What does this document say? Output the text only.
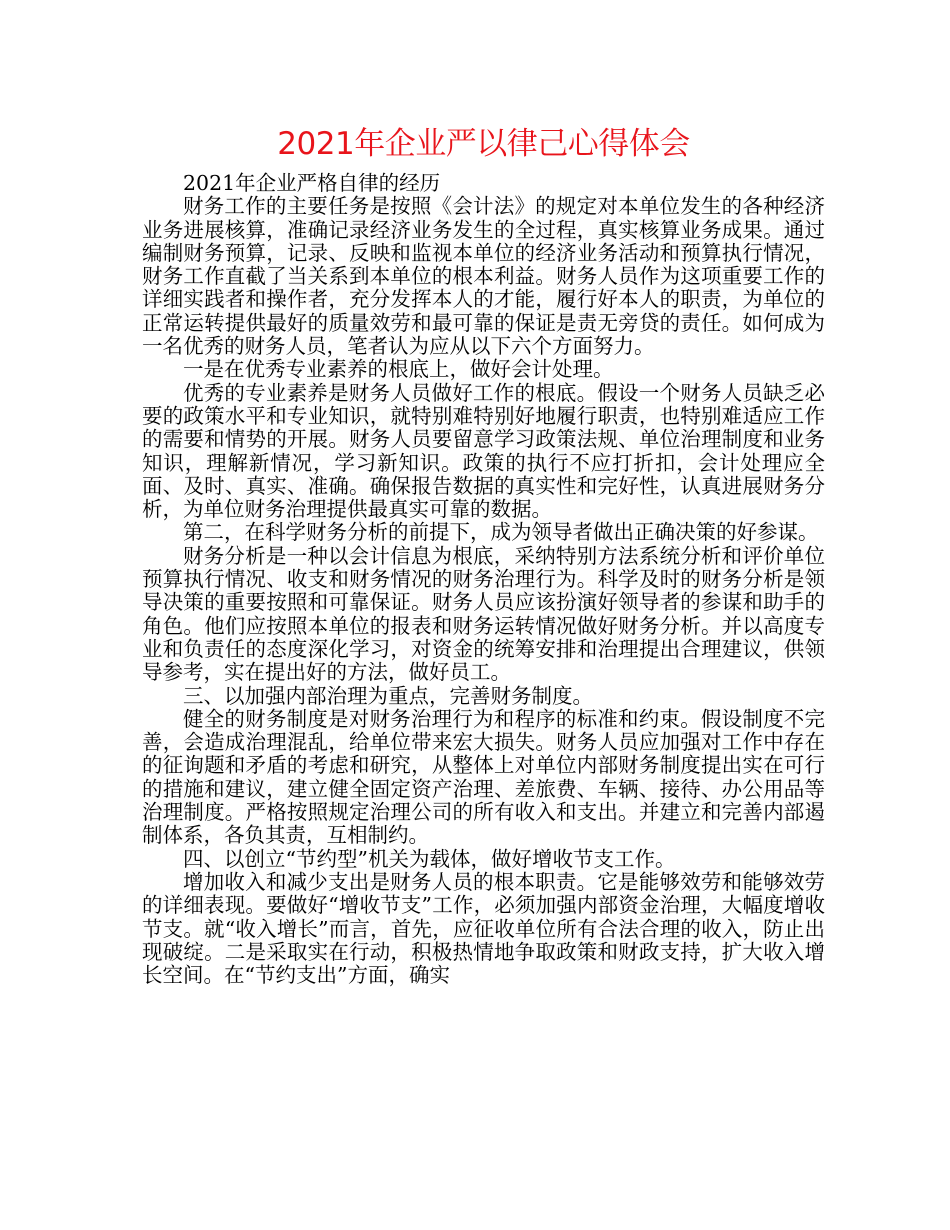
2021年企业严以律己心得体会

2021年企业严格自律的经历

财务工作的主要任务是按照《会计法》的规定对本单位发生的各种经济业务进展核算，准确记录经济业务发生的全过程，真实核算业务成果。通过编制财务预算，记录、反映和监视本单位的经济业务活动和预算执行情况，财务工作直截了当关系到本单位的根本利益。财务人员作为这项重要工作的详细实践者和操作者，充分发挥本人的才能，履行好本人的职责，为单位的正常运转提供最好的质量效劳和最可靠的保证是责无旁贷的责任。如何成为一名优秀的财务人员，笔者认为应从以下六个方面努力。

一是在优秀专业素养的根底上，做好会计处理。

优秀的专业素养是财务人员做好工作的根底。假设一个财务人员缺乏必要的政策水平和专业知识，就特别难特别好地履行职责，也特别难适应工作的需要和情势的开展。财务人员要留意学习政策法规、单位治理制度和业务知识，理解新情况，学习新知识。政策的执行不应打折扣，会计处理应全面、及时、真实、准确。确保报告数据的真实性和完好性，认真进展财务分析，为单位财务治理提供最真实可靠的数据。

第二，在科学财务分析的前提下，成为领导者做出正确决策的好参谋。

财务分析是一种以会计信息为根底，采纳特别方法系统分析和评价单位预算执行情况、收支和财务情况的财务治理行为。科学及时的财务分析是领导决策的重要按照和可靠保证。财务人员应该扮演好领导者的参谋和助手的角色。他们应按照本单位的报表和财务运转情况做好财务分析。并以高度专业和负责任的态度深化学习，对资金的统筹安排和治理提出合理建议，供领导参考，实在提出好的方法，做好员工。

三、以加强内部治理为重点，完善财务制度。

健全的财务制度是对财务治理行为和程序的标准和约束。假设制度不完善，会造成治理混乱，给单位带来宏大损失。财务人员应加强对工作中存在的征询题和矛盾的考虑和研究，从整体上对单位内部财务制度提出实在可行的措施和建议，建立健全固定资产治理、差旅费、车辆、接待、办公用品等治理制度。严格按照规定治理公司的所有收入和支出。并建立和完善内部遏制体系，各负其责，互相制约。

四、以创立“节约型”机关为载体，做好增收节支工作。

增加收入和减少支出是财务人员的根本职责。它是能够效劳和能够效劳的详细表现。要做好“增收节支”工作，必须加强内部资金治理，大幅度增收节支。就“收入增长”而言，首先，应征收单位所有合法合理的收入，防止出现破绽。二是采取实在行动，积极热情地争取政策和财政支持，扩大收入增长空间。在“节约支出”方面，确实
